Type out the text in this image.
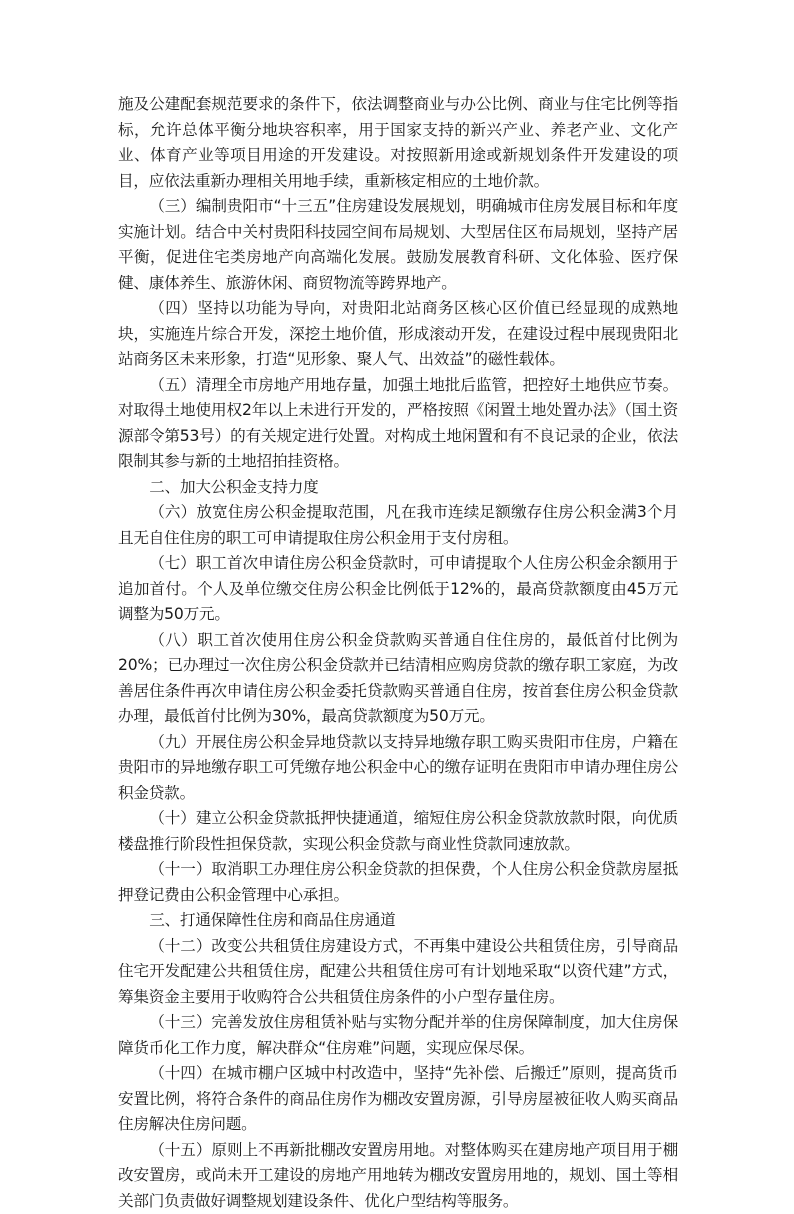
施及公建配套规范要求的条件下，依法调整商业与办公比例、商业与住宅比例等指标，允许总体平衡分地块容积率，用于国家支持的新兴产业、养老产业、文化产业、体育产业等项目用途的开发建设。对按照新用途或新规划条件开发建设的项目，应依法重新办理相关用地手续，重新核定相应的土地价款。

（三）编制贵阳市“十三五”住房建设发展规划，明确城市住房发展目标和年度实施计划。结合中关村贵阳科技园空间布局规划、大型居住区布局规划，坚持产居平衡，促进住宅类房地产向高端化发展。鼓励发展教育科研、文化体验、医疗保健、康体养生、旅游休闲、商贸物流等跨界地产。

（四）坚持以功能为导向，对贵阳北站商务区核心区价值已经显现的成熟地块，实施连片综合开发，深挖土地价值，形成滚动开发，在建设过程中展现贵阳北站商务区未来形象，打造“见形象、聚人气、出效益”的磁性载体。

（五）清理全市房地产用地存量，加强土地批后监管，把控好土地供应节奏。对取得土地使用权2年以上未进行开发的，严格按照《闲置土地处置办法》（国土资源部令第53号）的有关规定进行处置。对构成土地闲置和有不良记录的企业，依法限制其参与新的土地招拍挂资格。

二、加大公积金支持力度

（六）放宽住房公积金提取范围，凡在我市连续足额缴存住房公积金满3个月且无自住住房的职工可申请提取住房公积金用于支付房租。

（七）职工首次申请住房公积金贷款时，可申请提取个人住房公积金余额用于追加首付。个人及单位缴交住房公积金比例低于12%的，最高贷款额度由45万元调整为50万元。

（八）职工首次使用住房公积金贷款购买普通自住住房的，最低首付比例为20%；已办理过一次住房公积金贷款并已结清相应购房贷款的缴存职工家庭，为改善居住条件再次申请住房公积金委托贷款购买普通自住房，按首套住房公积金贷款办理，最低首付比例为30%，最高贷款额度为50万元。

（九）开展住房公积金异地贷款以支持异地缴存职工购买贵阳市住房，户籍在贵阳市的异地缴存职工可凭缴存地公积金中心的缴存证明在贵阳市申请办理住房公积金贷款。

（十）建立公积金贷款抵押快捷通道，缩短住房公积金贷款放款时限，向优质楼盘推行阶段性担保贷款，实现公积金贷款与商业性贷款同速放款。

（十一）取消职工办理住房公积金贷款的担保费，个人住房公积金贷款房屋抵押登记费由公积金管理中心承担。

三、打通保障性住房和商品住房通道

（十二）改变公共租赁住房建设方式，不再集中建设公共租赁住房，引导商品住宅开发配建公共租赁住房，配建公共租赁住房可有计划地采取“以资代建”方式，筹集资金主要用于收购符合公共租赁住房条件的小户型存量住房。

（十三）完善发放住房租赁补贴与实物分配并举的住房保障制度，加大住房保障货币化工作力度，解决群众“住房难”问题，实现应保尽保。

（十四）在城市棚户区城中村改造中，坚持“先补偿、后搬迁”原则，提高货币安置比例，将符合条件的商品住房作为棚改安置房源，引导房屋被征收人购买商品住房解决住房问题。

（十五）原则上不再新批棚改安置房用地。对整体购买在建房地产项目用于棚改安置房，或尚未开工建设的房地产用地转为棚改安置房用地的，规划、国土等相关部门负责做好调整规划建设条件、优化户型结构等服务。
